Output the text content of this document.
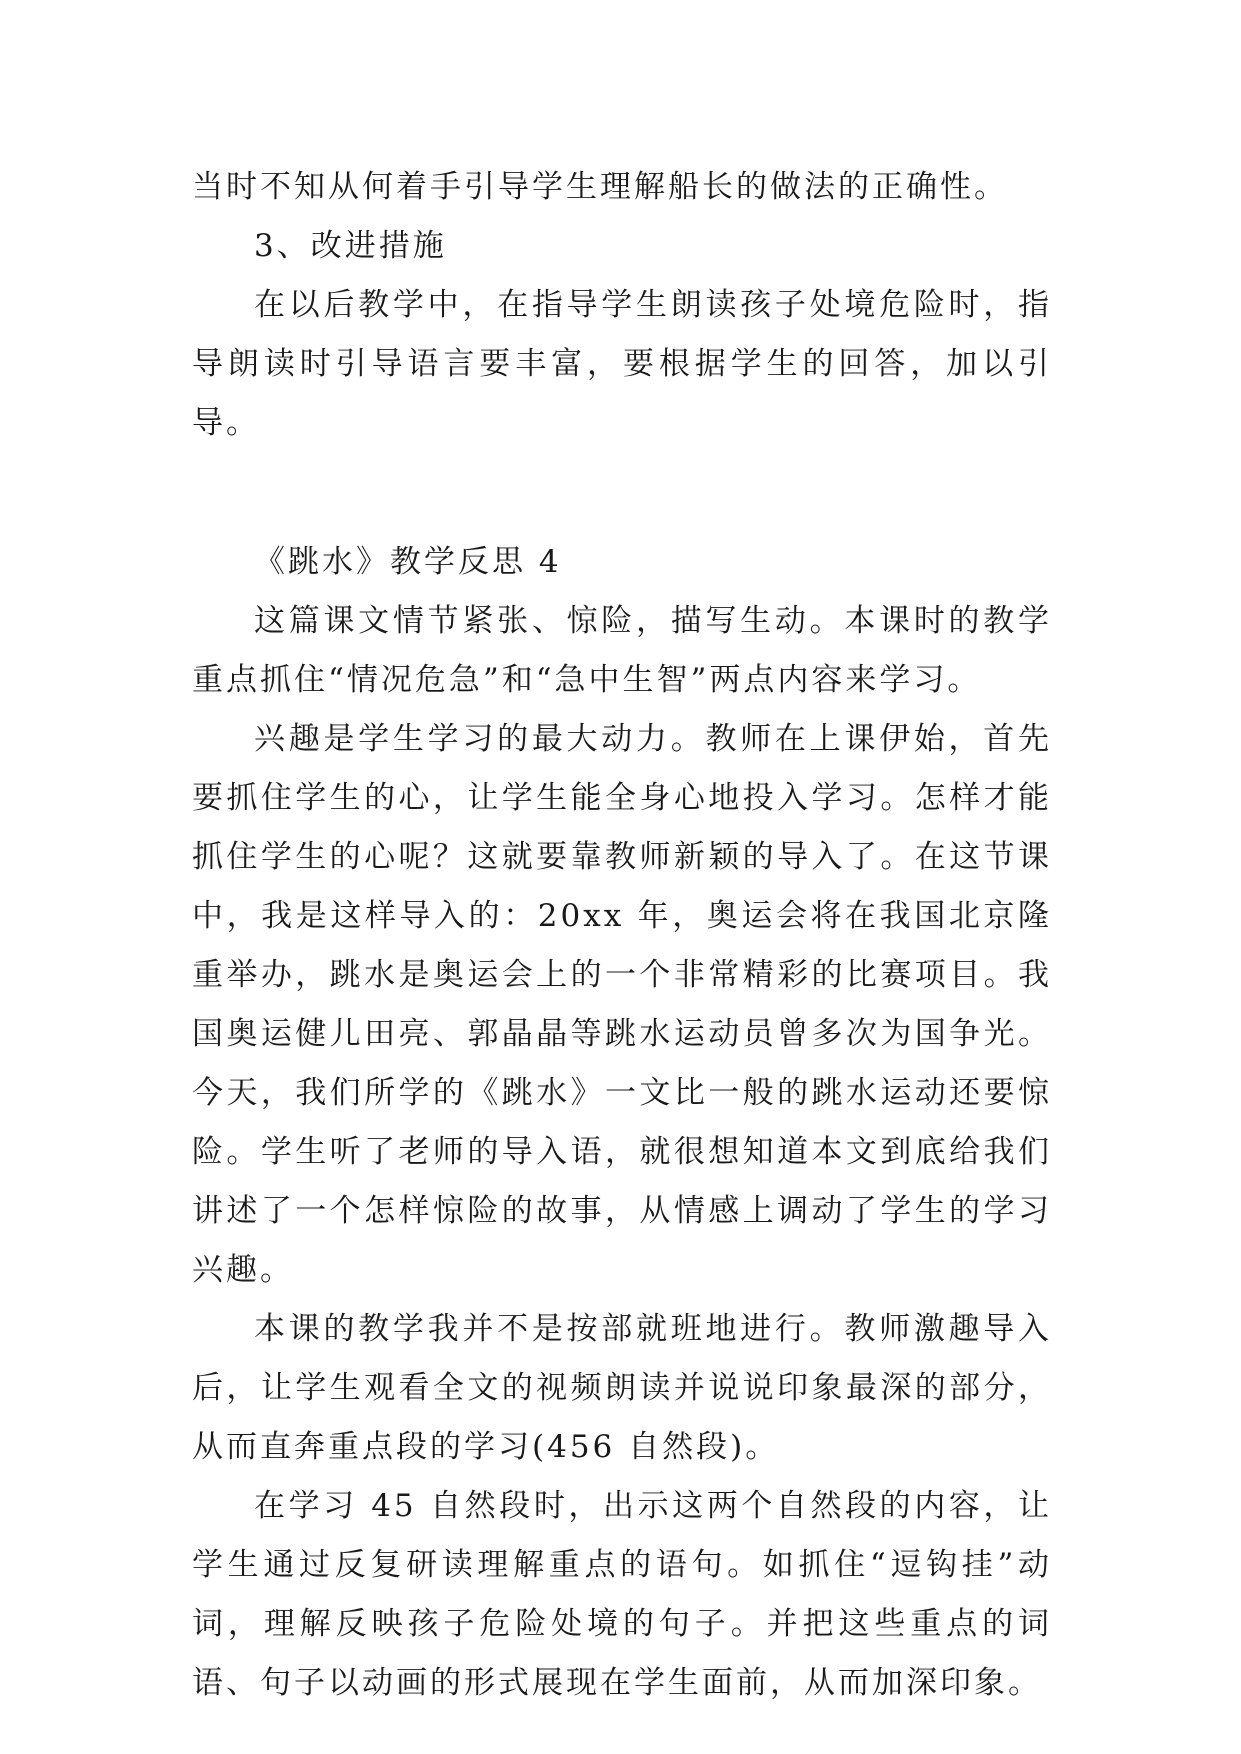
当时不知从何着手引导学生理解船长的做法的正确性。

3、改进措施

在以后教学中，在指导学生朗读孩子处境危险时，指导朗读时引导语言要丰富，要根据学生的回答，加以引导。

《跳水》教学反思 4

这篇课文情节紧张、惊险，描写生动。本课时的教学重点抓住“情况危急”和“急中生智”两点内容来学习。

兴趣是学生学习的最大动力。教师在上课伊始，首先要抓住学生的心，让学生能全身心地投入学习。怎样才能抓住学生的心呢？这就要靠教师新颖的导入了。在这节课中，我是这样导入的：20xx 年，奥运会将在我国北京隆重举办，跳水是奥运会上的一个非常精彩的比赛项目。我国奥运健儿田亮、郭晶晶等跳水运动员曾多次为国争光。今天，我们所学的《跳水》一文比一般的跳水运动还要惊险。学生听了老师的导入语，就很想知道本文到底给我们讲述了一个怎样惊险的故事，从情感上调动了学生的学习兴趣。

本课的教学我并不是按部就班地进行。教师激趣导入后，让学生观看全文的视频朗读并说说印象最深的部分，从而直奔重点段的学习(456 自然段)。

在学习 45 自然段时，出示这两个自然段的内容，让学生通过反复研读理解重点的语句。如抓住“逗钩挂”动词，理解反映孩子危险处境的句子。并把这些重点的词语、句子以动画的形式展现在学生面前，从而加深印象。
